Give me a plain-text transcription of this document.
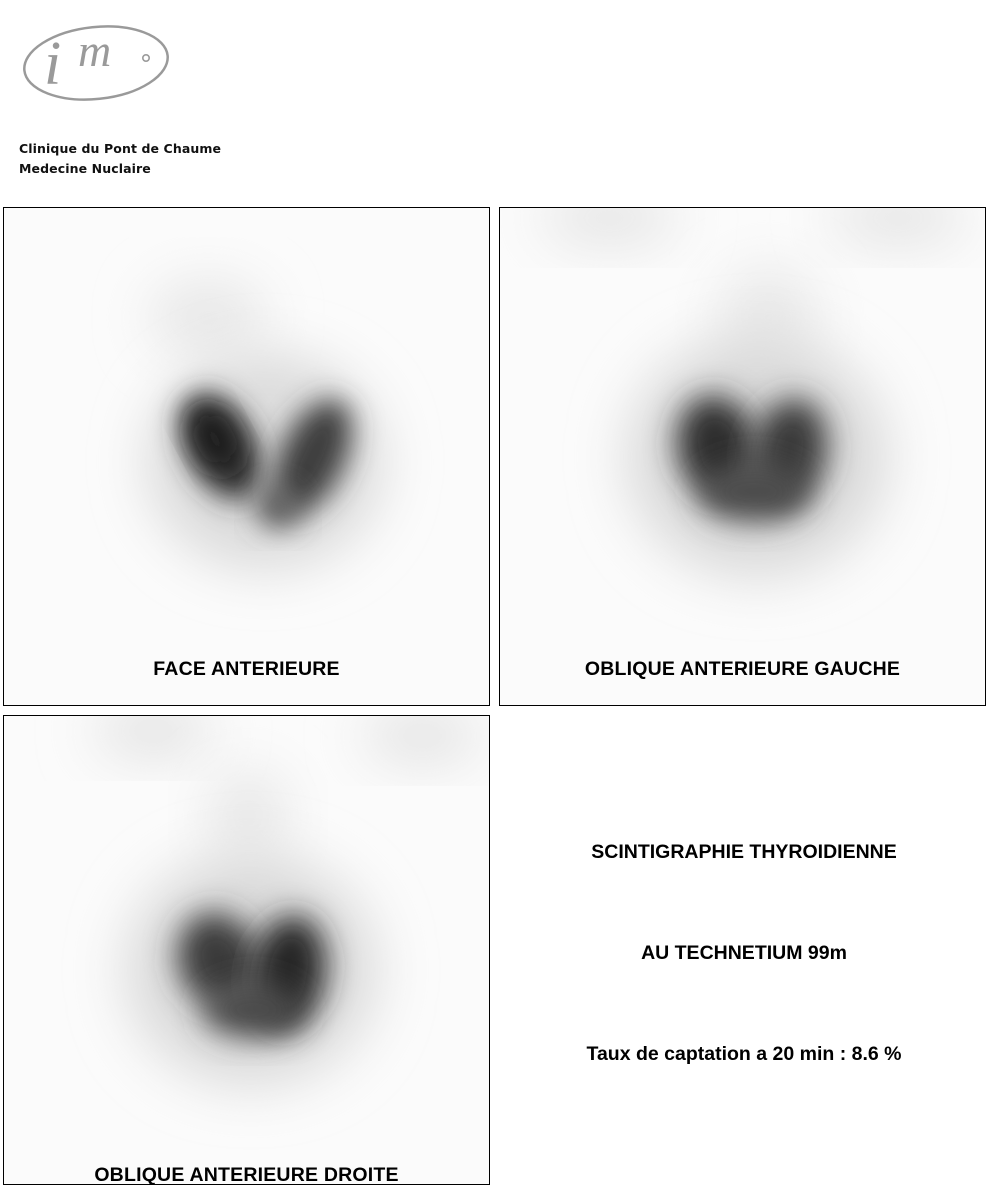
i m
Clinique du Pont de Chaume
Medecine Nuclaire
FACE ANTERIEURE	OBLIQUE ANTERIEURE GAUCHE
OBLIQUE ANTERIEURE DROITE
SCINTIGRAPHIE THYROIDIENNE
AU TECHNETIUM 99m
Taux de captation a 20 min : 8.6 %
